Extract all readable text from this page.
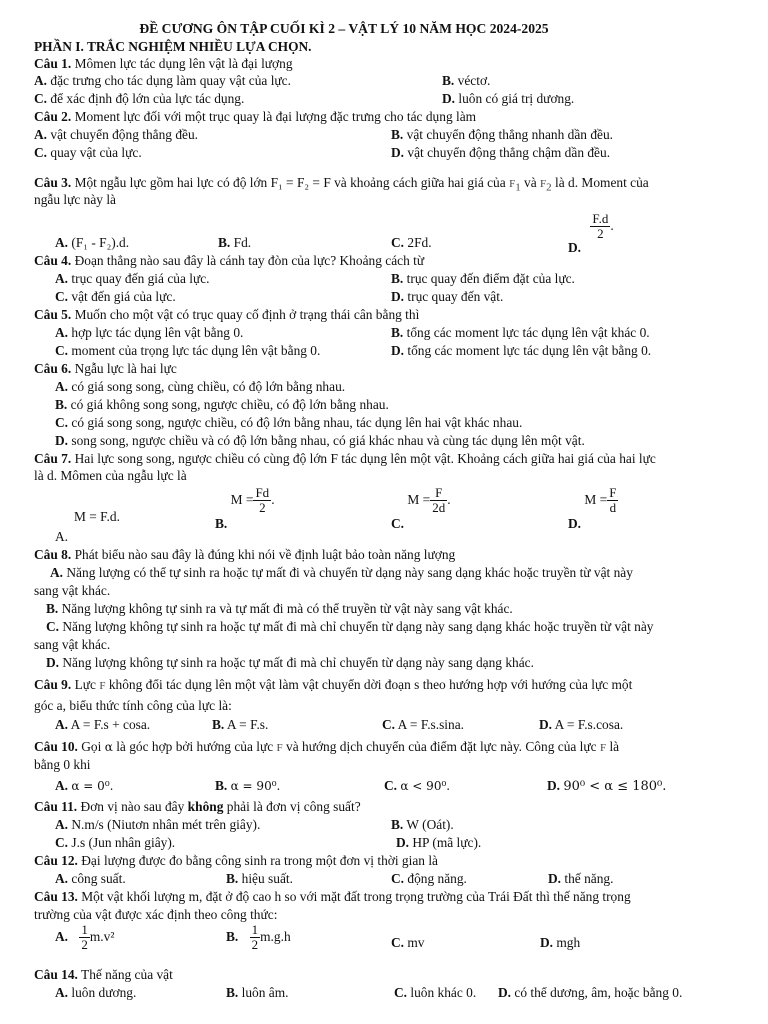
ĐỀ CƯƠNG ÔN TẬP CUỐI KÌ 2 – VẬT LÝ 10 NĂM HỌC 2024-2025
PHẦN I. TRẮC NGHIỆM NHIỀU LỰA CHỌN.
Câu 1. Mômen lực tác dụng lên vật là đại lượng
A. đặc trưng cho tác dụng làm quay vật của lực.	B. véctơ.
C. để xác định độ lớn của lực tác dụng.	D. luôn có giá trị dương.
Câu 2. Moment lực đối với một trục quay là đại lượng đặc trưng cho tác dụng làm
A. vật chuyển động thẳng đều.	B. vật chuyển động thẳng nhanh dần đều.
C. quay vật của lực.	D. vật chuyển động thẳng chậm dần đều.
Câu 3. Một ngẫu lực gồm hai lực có độ lớn F₁ = F₂ = F và khoảng cách giữa hai giá của $F_1$ và $F_2$ là d. Moment của
ngẫu lực này là
A. (F₁ - F₂).d.	B. Fd.	C. 2Fd.	D.
$\frac{F.d}{2}$ .
Câu 4. Đoạn thẳng nào sau đây là cánh tay đòn của lực? Khoảng cách từ
A. trục quay đến giá của lực.	B. trục quay đến điểm đặt của lực.
C. vật đến giá của lực.	D. trục quay đến vật.
Câu 5. Muốn cho một vật có trục quay cố định ở trạng thái cân bằng thì
A. hợp lực tác dụng lên vật bằng 0.	B. tổng các moment lực tác dụng lên vật khác 0.
C. moment của trọng lực tác dụng lên vật bằng 0.	D. tổng các moment lực tác dụng lên vật bằng 0.
Câu 6. Ngẫu lực là hai lực
A. có giá song song, cùng chiều, có độ lớn bằng nhau.
B. có giá không song song, ngược chiều, có độ lớn bằng nhau.
C. có giá song song, ngược chiều, có độ lớn bằng nhau, tác dụng lên hai vật khác nhau.
D. song song, ngược chiều và có độ lớn bằng nhau, có giá khác nhau và cùng tác dụng lên một vật.
Câu 7. Hai lực song song, ngược chiều có cùng độ lớn F tác dụng lên một vật. Khoảng cách giữa hai giá của hai lực
là d. Mômen của ngẫu lực là
M = F.d.
A.
B. $M = \frac{Fd}{2}$ .
C. $M = \frac{F}{2d}$ .
D. $M = \frac{F}{d}$
Câu 8. Phát biểu nào sau đây là đúng khi nói về định luật bảo toàn năng lượng
A. Năng lượng có thể tự sinh ra hoặc tự mất đi và chuyển từ dạng này sang dạng khác hoặc truyền từ vật này
sang vật khác.
B. Năng lượng không tự sinh ra và tự mất đi mà có thể truyền từ vật này sang vật khác.
C. Năng lượng không tự sinh ra hoặc tự mất đi mà chỉ chuyển từ dạng này sang dạng khác hoặc truyền từ vật này
sang vật khác.
D. Năng lượng không tự sinh ra hoặc tự mất đi mà chỉ chuyển từ dạng này sang dạng khác.
Câu 9. Lực F không đổi tác dụng lên một vật làm vật chuyển dời đoạn s theo hướng hợp với hướng của lực một
góc a, biểu thức tính công của lực là:
A. A = F.s + cosa.	B. A = F.s.	C. A = F.s.sina.	D. A = F.s.cosa.
Câu 10. Gọi α là góc hợp bởi hướng của lực F và hướng dịch chuyển của điểm đặt lực này. Công của lực F là
bằng 0 khi
A. α = 0⁰.	B. α = 90⁰.	C. α < 90⁰.	D. 90⁰ < α ≤ 180⁰.
Câu 11. Đơn vị nào sau đây không phải là đơn vị công suất?
A. N.m/s (Niutơn nhân mét trên giây).	B. W (Oát).
C. J.s (Jun nhân giây).	D. HP (mã lực).
Câu 12. Đại lượng được đo bằng công sinh ra trong một đơn vị thời gian là
A. công suất.	B. hiệu suất.	C. động năng.	D. thế năng.
Câu 13. Một vật khối lượng m, đặt ở độ cao h so với mặt đất trong trọng trường của Trái Đất thì thế năng trọng
trường của vật được xác định theo công thức:
A. $\frac{1}{2} m.v^2$	B. $\frac{1}{2} m.g.h$	C. mv	D. mgh
Câu 14. Thế năng của vật
A. luôn dương.	B. luôn âm.	C. luôn khác 0. D. có thể dương, âm, hoặc bằng 0.
